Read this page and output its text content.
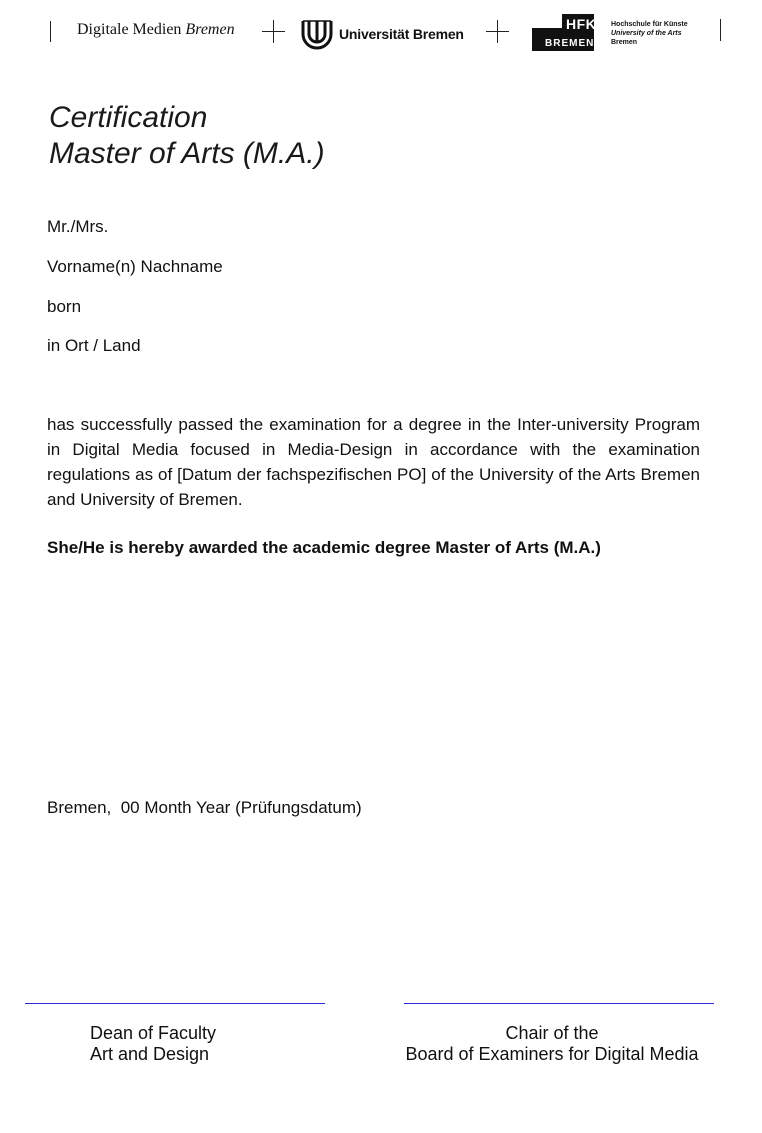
Digitale Medien Bremen	Universität Bremen
HFK
BREMEN
Hochschule für Künste
University of the Arts
Bremen
Certification
Master of Arts (M.A.)
Mr./Mrs.
Vorname(n) Nachname
born
in Ort / Land
has successfully passed the examination for a degree in the Inter-university Program in Digital Media focused in Media-Design in accordance with the examination regulations as of [Datum der fachspezifischen PO] of the University of the Arts Bremen and University of Bremen.
She/He is hereby awarded the academic degree Master of Arts (M.A.)
Bremen,  00 Month Year (Prüfungsdatum)
Dean of Faculty
Art and Design
Chair of the
Board of Examiners for Digital Media
